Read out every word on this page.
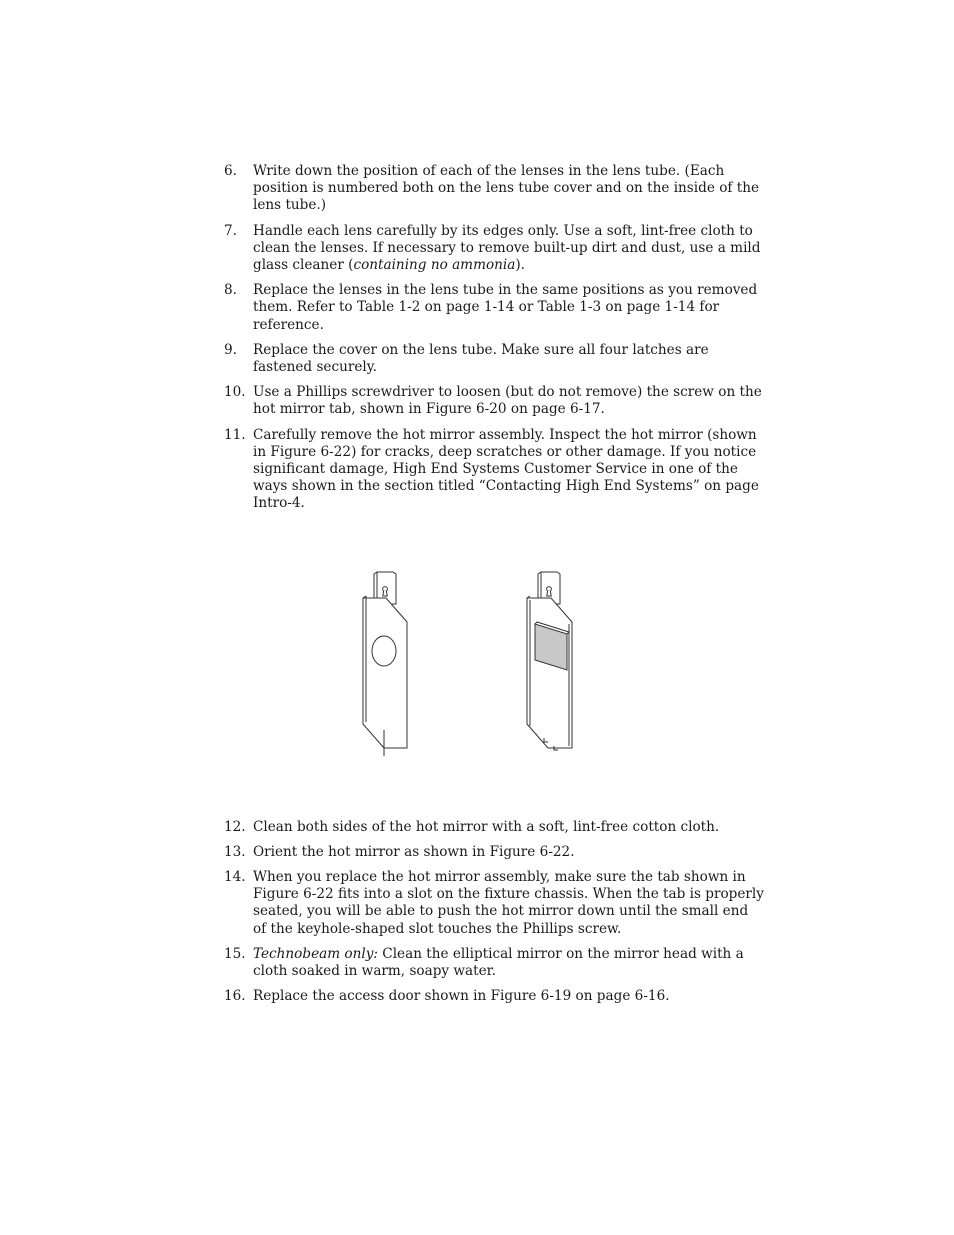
6. Write down the position of each of the lenses in the lens tube. (Each position is numbered both on the lens tube cover and on the inside of the lens tube.)
7. Handle each lens carefully by its edges only. Use a soft, lint-free cloth to clean the lenses. If necessary to remove built-up dirt and dust, use a mild glass cleaner (containing no ammonia).
8. Replace the lenses in the lens tube in the same positions as you removed them. Refer to Table 1-2 on page 1-14 or Table 1-3 on page 1-14 for reference.
9. Replace the cover on the lens tube. Make sure all four latches are fastened securely.
10. Use a Phillips screwdriver to loosen (but do not remove) the screw on the hot mirror tab, shown in Figure 6-20 on page 6-17.
11. Carefully remove the hot mirror assembly. Inspect the hot mirror (shown in Figure 6-22) for cracks, deep scratches or other damage. If you notice significant damage, High End Systems Customer Service in one of the ways shown in the section titled “Contacting High End Systems” on page Intro-4.
12. Clean both sides of the hot mirror with a soft, lint-free cotton cloth.
13. Orient the hot mirror as shown in Figure 6-22.
14. When you replace the hot mirror assembly, make sure the tab shown in Figure 6-22 fits into a slot on the fixture chassis. When the tab is properly seated, you will be able to push the hot mirror down until the small end of the keyhole-shaped slot touches the Phillips screw.
15. Technobeam only: Clean the elliptical mirror on the mirror head with a cloth soaked in warm, soapy water.
16. Replace the access door shown in Figure 6-19 on page 6-16.
